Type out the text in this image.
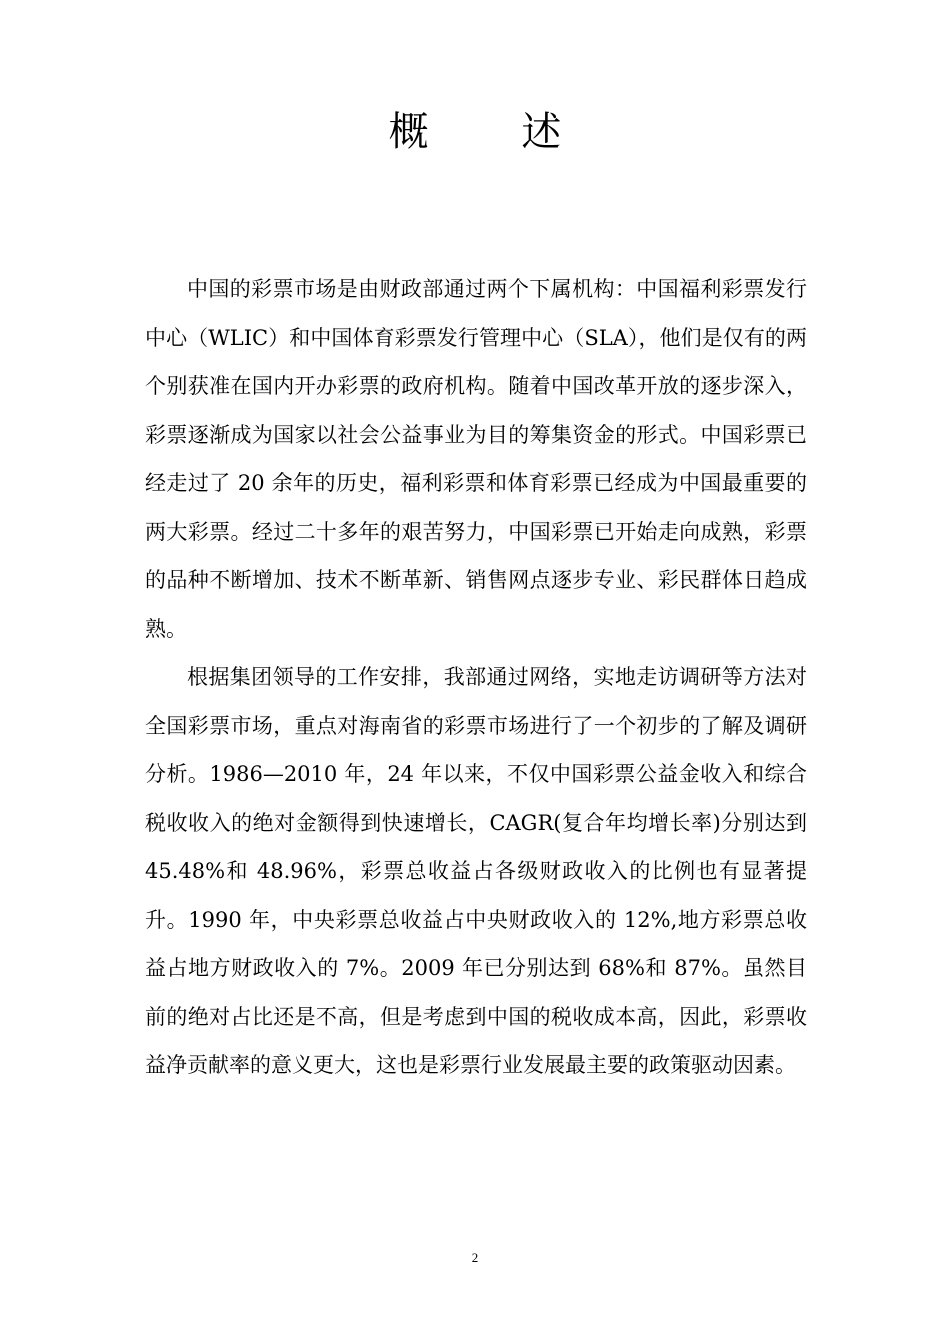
概 述

中国的彩票市场是由财政部通过两个下属机构：中国福利彩票发行中心（WLIC）和中国体育彩票发行管理中心（SLA），他们是仅有的两个别获准在国内开办彩票的政府机构。随着中国改革开放的逐步深入，彩票逐渐成为国家以社会公益事业为目的筹集资金的形式。中国彩票已经走过了 20 余年的历史，福利彩票和体育彩票已经成为中国最重要的两大彩票。经过二十多年的艰苦努力，中国彩票已开始走向成熟，彩票的品种不断增加、技术不断革新、销售网点逐步专业、彩民群体日趋成熟。

根据集团领导的工作安排，我部通过网络，实地走访调研等方法对全国彩票市场，重点对海南省的彩票市场进行了一个初步的了解及调研分析。1986—2010 年，24 年以来，不仅中国彩票公益金收入和综合税收收入的绝对金额得到快速增长，CAGR(复合年均增长率)分别达到 45.48%和 48.96%，彩票总收益占各级财政收入的比例也有显著提升。1990 年，中央彩票总收益占中央财政收入的 12%,地方彩票总收益占地方财政收入的 7%。2009 年已分别达到 68%和 87%。虽然目前的绝对占比还是不高，但是考虑到中国的税收成本高，因此，彩票收益净贡献率的意义更大，这也是彩票行业发展最主要的政策驱动因素。

2
